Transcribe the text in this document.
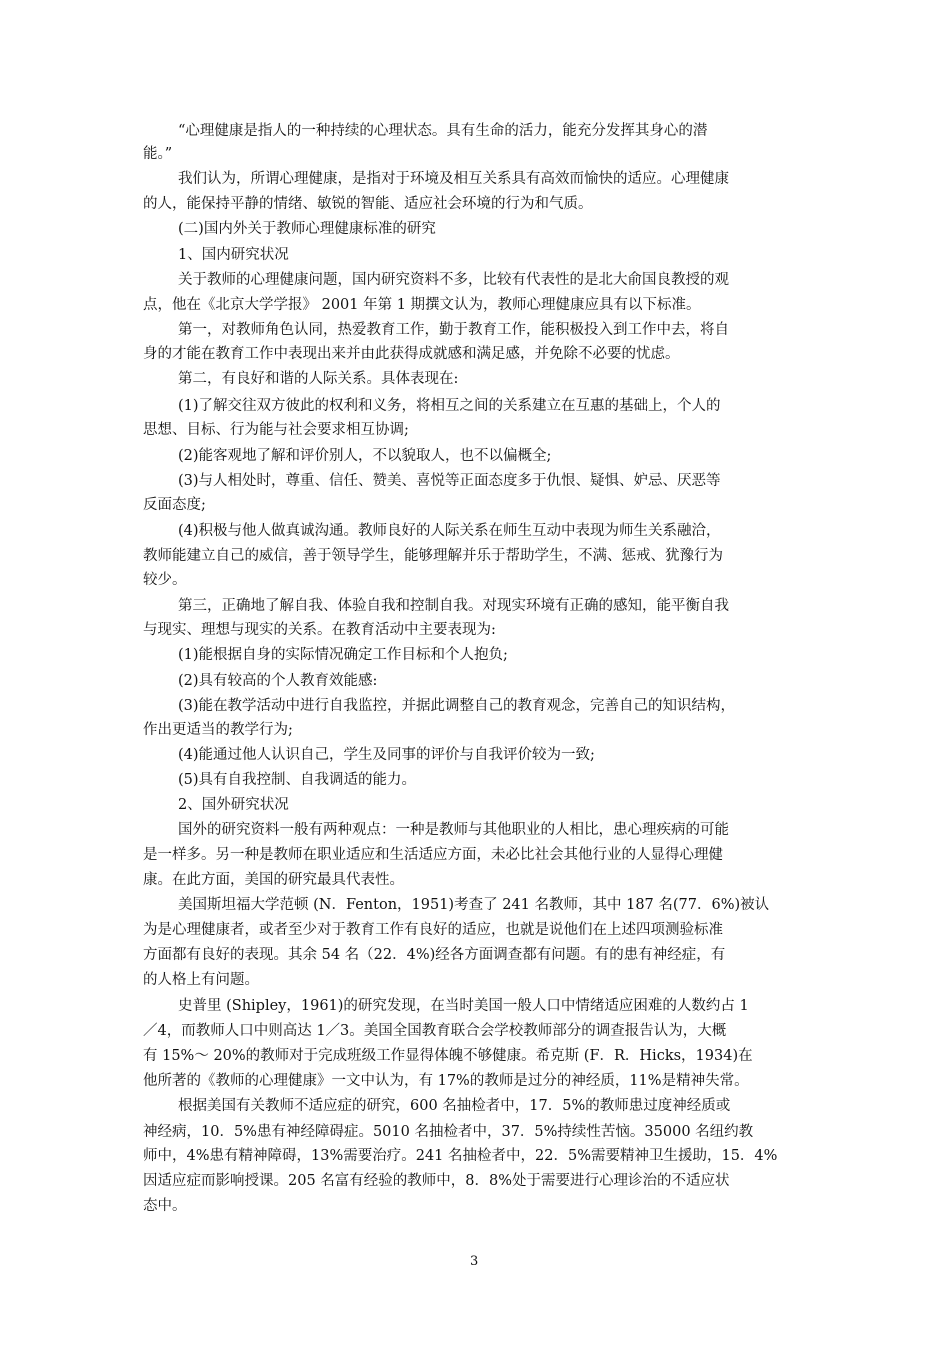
“心理健康是指人的一种持续的心理状态。具有生命的活力，能充分发挥其身心的潜
能。”
我们认为，所谓心理健康，是指对于环境及相互关系具有高效而愉快的适应。心理健康
的人，能保持平静的情绪、敏锐的智能、适应社会环境的行为和气质。
(二)国内外关于教师心理健康标准的研究
1、国内研究状况
关于教师的心理健康问题，国内研究资料不多，比较有代表性的是北大俞国良教授的观
点，他在《北京大学学报》 2001 年第 1 期撰文认为，教师心理健康应具有以下标准。
第一，对教师角色认同，热爱教育工作，勤于教育工作，能积极投入到工作中去，将自
身的才能在教育工作中表现出来并由此获得成就感和满足感，并免除不必要的忧虑。
第二，有良好和谐的人际关系。具体表现在:
(1)了解交往双方彼此的权利和义务，将相互之间的关系建立在互惠的基础上，个人的
思想、目标、行为能与社会要求相互协调;
(2)能客观地了解和评价别人，不以貌取人，也不以偏概全;
(3)与人相处时，尊重、信任、赞美、喜悦等正面态度多于仇恨、疑惧、妒忌、厌恶等
反面态度;
(4)积极与他人做真诚沟通。教师良好的人际关系在师生互动中表现为师生关系融洽，
教师能建立自己的威信，善于领导学生，能够理解并乐于帮助学生，不满、惩戒、犹豫行为
较少。
第三，正确地了解自我、体验自我和控制自我。对现实环境有正确的感知，能平衡自我
与现实、理想与现实的关系。在教育活动中主要表现为:
(1)能根据自身的实际情况确定工作目标和个人抱负;
(2)具有较高的个人教育效能感:
(3)能在教学活动中进行自我监控，并据此调整自己的教育观念，完善自己的知识结构，
作出更适当的教学行为;
(4)能通过他人认识自己，学生及同事的评价与自我评价较为一致;
(5)具有自我控制、自我调适的能力。
2、国外研究状况
国外的研究资料一般有两种观点：一种是教师与其他职业的人相比，患心理疾病的可能
是一样多。另一种是教师在职业适应和生活适应方面，未必比社会其他行业的人显得心理健
康。在此方面，美国的研究最具代表性。
美国斯坦福大学范顿 (N．Fenton，1951)考查了 241 名教师，其中 187 名(77．6%)被认
为是心理健康者，或者至少对于教育工作有良好的适应，也就是说他们在上述四项测验标准
方面都有良好的表现。其余 54 名（22．4%)经各方面调查都有问题。有的患有神经症，有
的人格上有问题。
史普里 (Shipley，1961)的研究发现，在当时美国一般人口中情绪适应困难的人数约占 1
／4，而教师人口中则高达 1／3。美国全国教育联合会学校教师部分的调查报告认为，大概
有 15%～ 20%的教师对于完成班级工作显得体魄不够健康。希克斯 (F．R．Hicks，1934)在
他所著的《教师的心理健康》一文中认为，有 17%的教师是过分的神经质，11%是精神失常。
根据美国有关教师不适应症的研究，600 名抽检者中，17．5%的教师患过度神经质或
神经病，10．5%患有神经障碍症。5010 名抽检者中，37．5%持续性苦恼。35000 名纽约教
师中，4%患有精神障碍，13%需要治疗。241 名抽检者中，22．5%需要精神卫生援助，15．4%
因适应症而影响授课。205 名富有经验的教师中，8．8%处于需要进行心理诊治的不适应状
态中。
3
